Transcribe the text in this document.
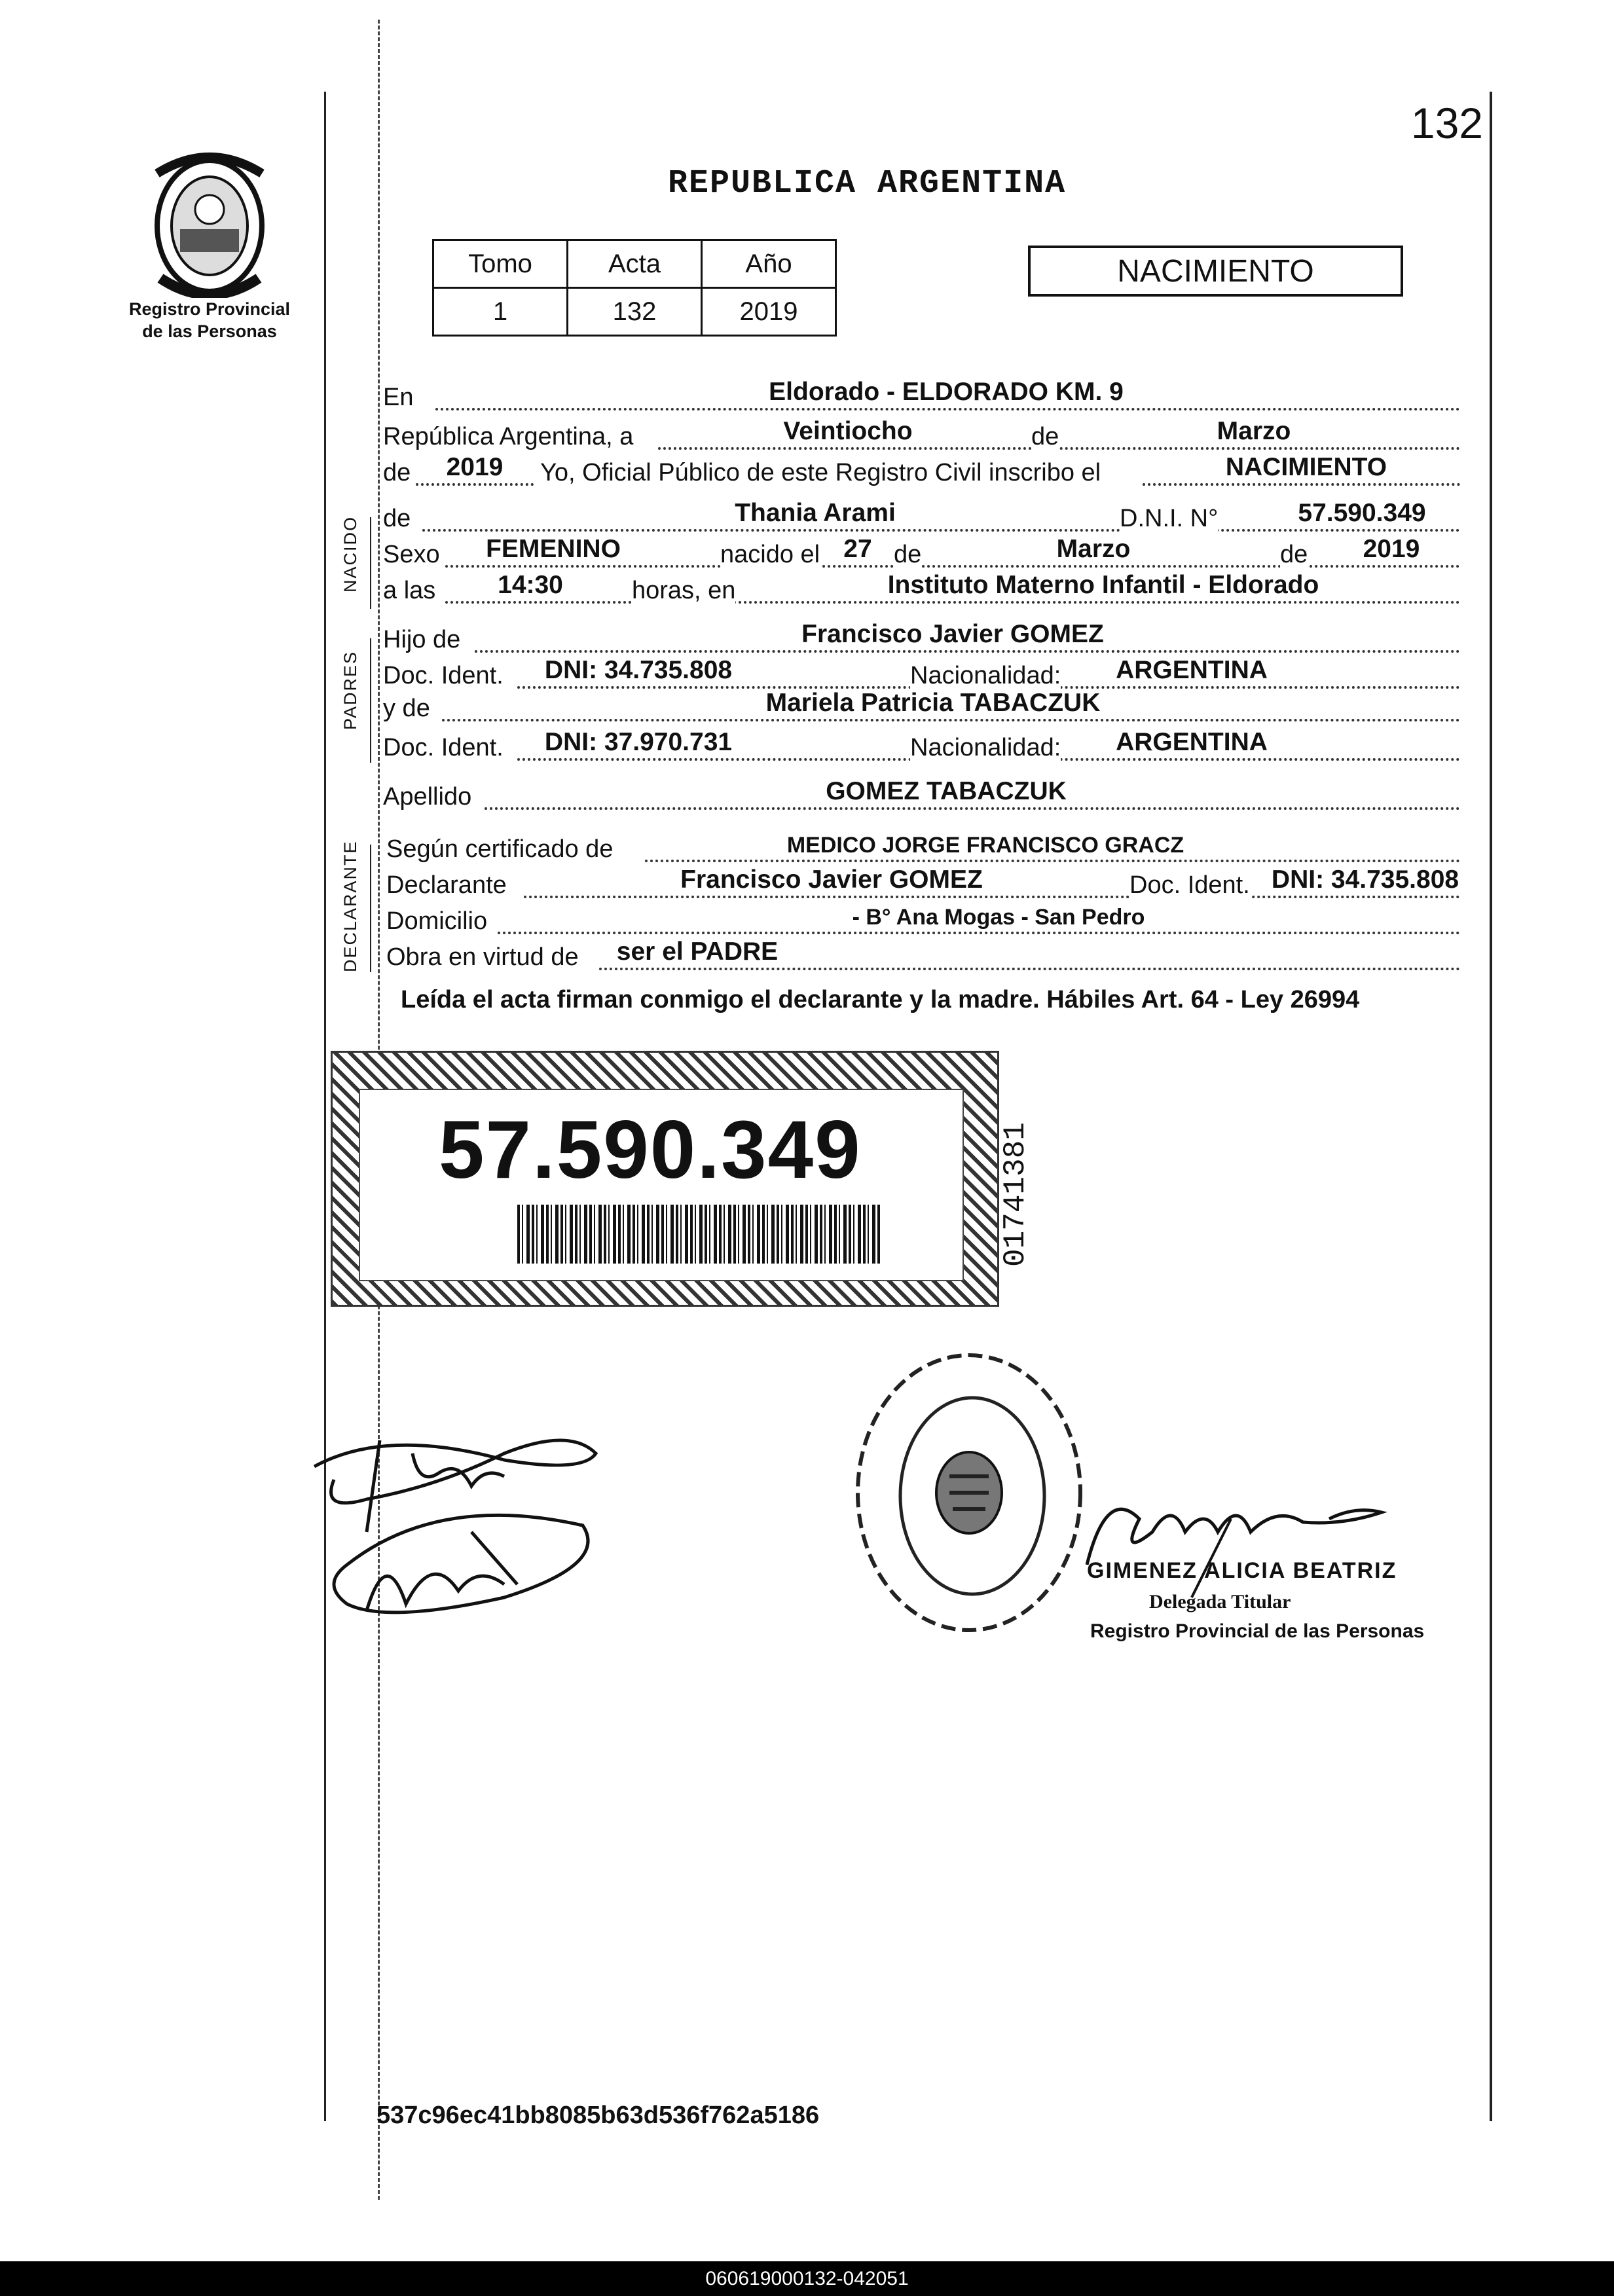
132
Registro Provincial
de las Personas
REPUBLICA ARGENTINA
Tomo	Acta	Año
1	132	2019
NACIMIENTO
NACIDO
PADRES
DECLARANTE
En	Eldorado - ELDORADO KM. 9
República Argentina, a	Veintiocho	de	Marzo
de	2019	Yo, Oficial Público de este Registro Civil inscribo el	NACIMIENTO
de	Thania Arami	D.N.I. N°	57.590.349
Sexo	FEMENINO	nacido el 27 de	Marzo	de	2019
a las	14:30	horas, en	Instituto Materno Infantil - Eldorado
Hijo de	Francisco Javier GOMEZ
Doc. Ident.	DNI: 34.735.808	Nacionalidad:	ARGENTINA
y de	Mariela Patricia TABACZUK
Doc. Ident.	DNI: 37.970.731	Nacionalidad:	ARGENTINA
Apellido	GOMEZ TABACZUK
Según certificado de	MEDICO JORGE FRANCISCO GRACZ
Declarante	Francisco Javier GOMEZ	Doc. Ident. DNI: 34.735.808
Domicilio	- B° Ana Mogas - San Pedro
Obra en virtud de	ser el PADRE
Leída el acta firman conmigo el declarante y la madre. Hábiles Art. 64 - Ley 26994
57.590.349	01741381
GIMENEZ ALICIA BEATRIZ
Delegada Titular
Registro Provincial de las Personas
537c96ec41bb8085b63d536f762a5186
060619000132-042051
